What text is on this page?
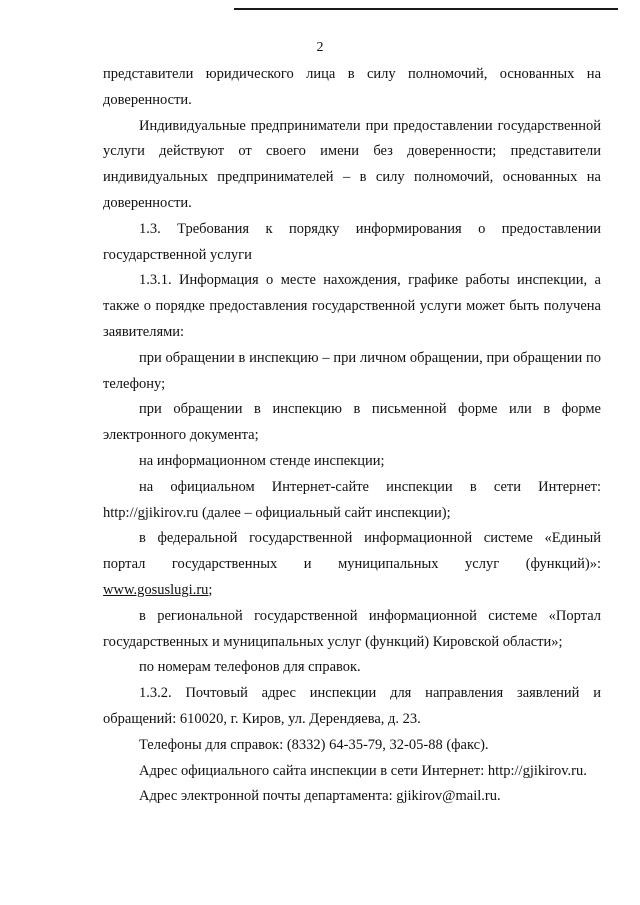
2

представители юридического лица в силу полномочий, основанных на доверенности.

Индивидуальные предприниматели при предоставлении государственной услуги действуют от своего имени без доверенности; представители индивидуальных предпринимателей – в силу полномочий, основанных на доверенности.

1.3. Требования к порядку информирования о предоставлении государственной услуги

1.3.1. Информация о месте нахождения, графике работы инспекции, а также о порядке предоставления государственной услуги может быть получена заявителями:

при обращении в инспекцию – при личном обращении, при обращении по телефону;

при обращении в инспекцию в письменной форме или в форме электронного документа;

на информационном стенде инспекции;

на официальном Интернет-сайте инспекции в сети Интернет: http://gjikirov.ru (далее – официальный сайт инспекции);

в федеральной государственной информационной системе «Единый портал государственных и муниципальных услуг (функций)»:

www.gosuslugi.ru;

в региональной государственной информационной системе «Портал государственных и муниципальных услуг (функций) Кировской области»;

по номерам телефонов для справок.

1.3.2. Почтовый адрес инспекции для направления заявлений и обращений: 610020, г. Киров, ул. Дерендяева, д. 23.

Телефоны для справок: (8332) 64-35-79, 32-05-88 (факс).

Адрес официального сайта инспекции в сети Интернет: http://gjikirov.ru.

Адрес электронной почты департамента: gjikirov@mail.ru.
